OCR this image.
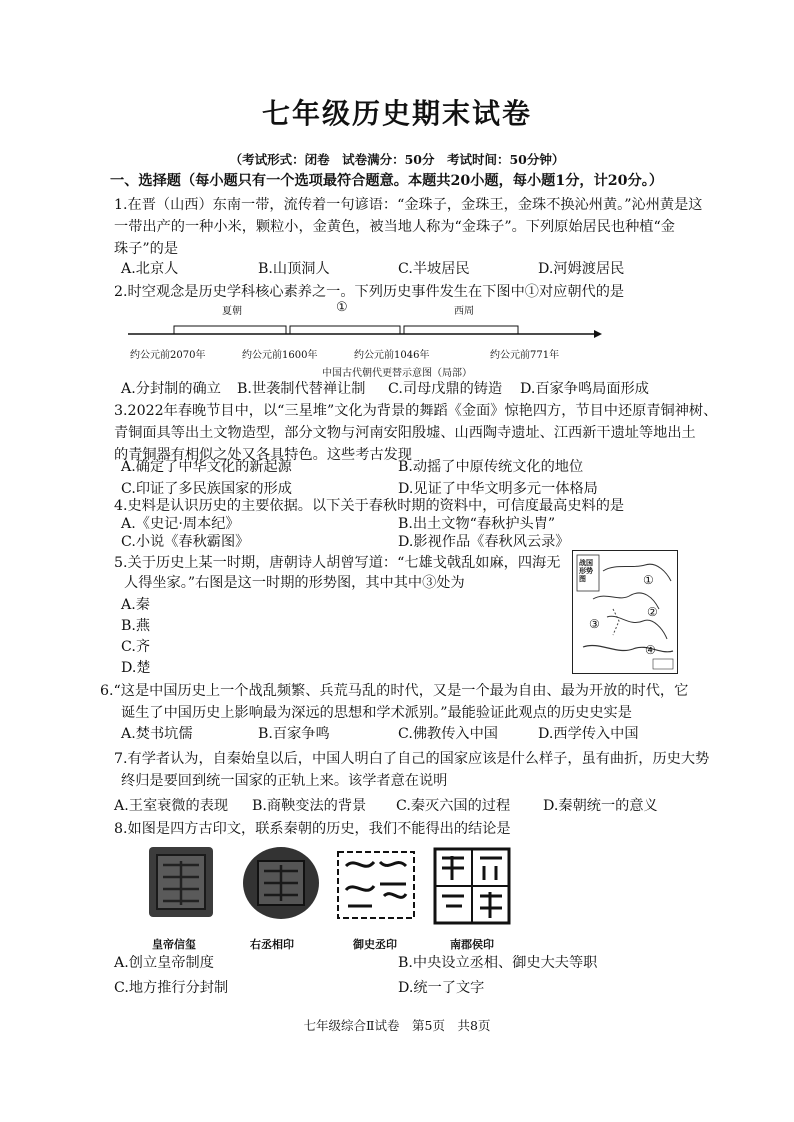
七年级历史期末试卷
（考试形式：闭卷　试卷满分：50分　考试时间：50分钟）
一、选择题（每小题只有一个选项最符合题意。本题共20小题，每小题1分，计20分。）
1.在晋（山西）东南一带，流传着一句谚语：“金珠子，金珠王，金珠不换沁州黄。”沁州黄是这
一带出产的一种小米，颗粒小，金黄色，被当地人称为“金珠子”。下列原始居民也种植“金
珠子”的是
A.北京人	B.山顶洞人	C.半坡居民	D.河姆渡居民
2.时空观念是历史学科核心素养之一。下列历史事件发生在下图中①对应朝代的是
夏朝	①	西周
约公元前2070年	约公元前1600年	约公元前1046年	约公元前771年
中国古代朝代更替示意图（局部）
A.分封制的确立 B.世袭制代替禅让制 C.司母戊鼎的铸造 D.百家争鸣局面形成
3.2022年春晚节目中，以“三星堆”文化为背景的舞蹈《金面》惊艳四方，节目中还原青铜神树、
青铜面具等出土文物造型，部分文物与河南安阳殷墟、山西陶寺遗址、江西新干遗址等地出土
的青铜器有相似之处又各具特色。这些考古发现
A.确定了中华文化的新起源	B.动摇了中原传统文化的地位
C.印证了多民族国家的形成	D.见证了中华文明多元一体格局
4.史料是认识历史的主要依据。以下关于春秋时期的资料中，可信度最高史料的是
A.《史记·周本纪》	B.出土文物“春秋护头胄”
C.小说《春秋霸图》	D.影视作品《春秋风云录》
5.关于历史上某一时期，唐朝诗人胡曾写道：“七雄戈戟乱如麻，四海无
人得坐家。”右图是这一时期的形势图，其中其中③处为
A.秦
B.燕
C.齐
D.楚
战国形势图	①
②
③
④
6.“这是中国历史上一个战乱频繁、兵荒马乱的时代，又是一个最为自由、最为开放的时代，它
诞生了中国历史上影响最为深远的思想和学术派别。”最能验证此观点的历史史实是
A.焚书坑儒	B.百家争鸣	C.佛教传入中国	D.西学传入中国
7.有学者认为，自秦始皇以后，中国人明白了自己的国家应该是什么样子，虽有曲折，历史大势
终归是要回到统一国家的正轨上来。该学者意在说明
A.王室衰微的表现 B.商鞅变法的背景 C.秦灭六国的过程 D.秦朝统一的意义
8.如图是四方古印文，联系秦朝的历史，我们不能得出的结论是
皇帝信玺	右丞相印	御史丞印	南郡侯印
A.创立皇帝制度	B.中央设立丞相、御史大夫等职
C.地方推行分封制	D.统一了文字
七年级综合Ⅱ试卷　第5页　共8页
